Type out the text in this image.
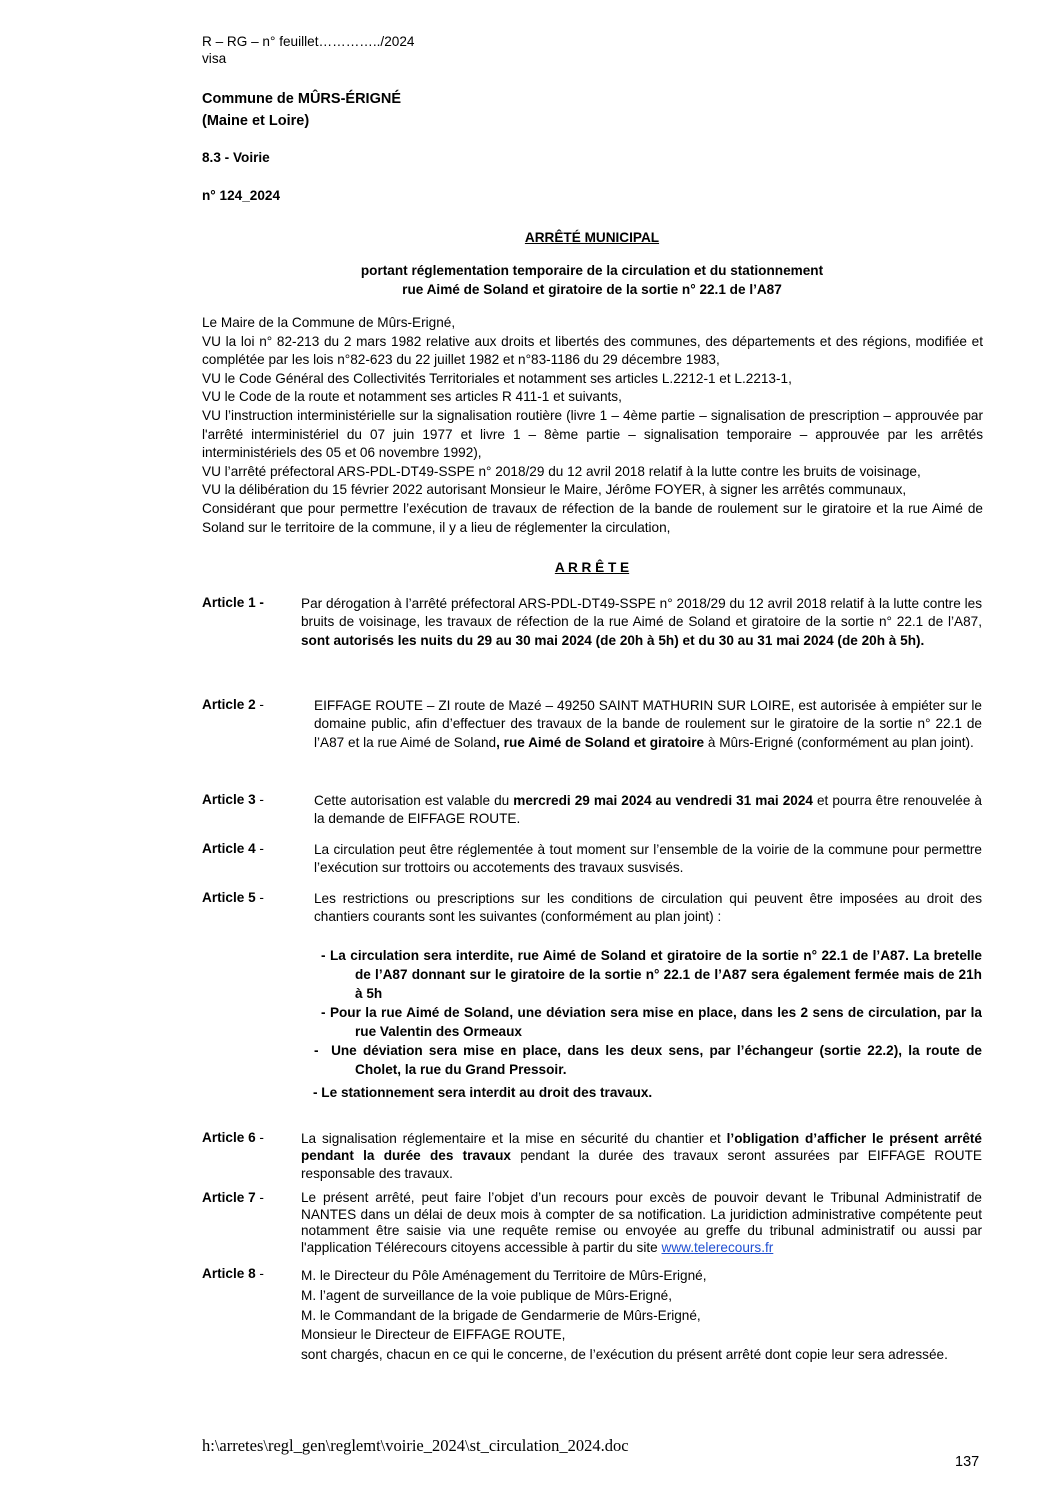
R – RG – n° feuillet…………../2024
visa
Commune de MÛRS-ÉRIGNÉ
(Maine et Loire)
8.3 - Voirie
n° 124_2024
ARRÊTÉ MUNICIPAL
portant réglementation temporaire de la circulation et du stationnement
rue Aimé de Soland et giratoire de la sortie n° 22.1 de l’A87
Le Maire de la Commune de Mûrs-Erigné,
VU la loi n° 82-213 du 2 mars 1982 relative aux droits et libertés des communes, des départements et des régions, modifiée et complétée par les lois n°82-623 du 22 juillet 1982 et n°83-1186 du 29 décembre 1983,
VU le Code Général des Collectivités Territoriales et notamment ses articles L.2212-1 et L.2213-1,
VU le Code de la route et notamment ses articles R 411-1 et suivants,
VU l’instruction interministérielle sur la signalisation routière (livre 1 – 4ème partie – signalisation de prescription – approuvée par l'arrêté interministériel du 07 juin 1977 et livre 1 – 8ème partie – signalisation temporaire – approuvée par les arrêtés interministériels des 05 et 06 novembre 1992),
VU l’arrêté préfectoral ARS-PDL-DT49-SSPE n° 2018/29 du 12 avril 2018 relatif à la lutte contre les bruits de voisinage,
VU la délibération du 15 février 2022 autorisant Monsieur le Maire, Jérôme FOYER, à signer les arrêtés communaux,
Considérant que pour permettre l’exécution de travaux de réfection de la bande de roulement sur le giratoire et la rue Aimé de Soland sur le territoire de la commune, il y a lieu de réglementer la circulation,
A R R Ê T E
Article 1 -	Par dérogation à l’arrêté préfectoral ARS-PDL-DT49-SSPE n° 2018/29 du 12 avril 2018 relatif à la lutte contre les bruits de voisinage, les travaux de réfection de la rue Aimé de Soland et giratoire de la sortie n° 22.1 de l’A87, sont autorisés les nuits du 29 au 30 mai 2024 (de 20h à 5h) et du 30 au 31 mai 2024 (de 20h à 5h).
Article 2 -	EIFFAGE ROUTE – ZI route de Mazé – 49250 SAINT MATHURIN SUR LOIRE, est autorisée à empiéter sur le domaine public, afin d’effectuer des travaux de la bande de roulement sur le giratoire de la sortie n° 22.1 de l’A87 et la rue Aimé de Soland, rue Aimé de Soland et giratoire à Mûrs-Erigné (conformément au plan joint).
Article 3 -	Cette autorisation est valable du mercredi 29 mai 2024 au vendredi 31 mai 2024 et pourra être renouvelée à la demande de EIFFAGE ROUTE.
Article 4 -	La circulation peut être réglementée à tout moment sur l’ensemble de la voirie de la commune pour permettre l’exécution sur trottoirs ou accotements des travaux susvisés.
Article 5 -	Les restrictions ou prescriptions sur les conditions de circulation qui peuvent être imposées au droit des chantiers courants sont les suivantes (conformément au plan joint) :
- La circulation sera interdite, rue Aimé de Soland et giratoire de la sortie n° 22.1 de l’A87. La bretelle de l’A87 donnant sur le giratoire de la sortie n° 22.1 de l’A87 sera également fermée mais de 21h à 5h
- Pour la rue Aimé de Soland, une déviation sera mise en place, dans les 2 sens de circulation, par la rue Valentin des Ormeaux
-  Une déviation sera mise en place, dans les deux sens, par l’échangeur (sortie 22.2), la route de Cholet, la rue du Grand Pressoir.
- Le stationnement sera interdit au droit des travaux.
Article 6 -	La signalisation réglementaire et la mise en sécurité du chantier et l’obligation d’afficher le présent arrêté pendant la durée des travaux pendant la durée des travaux seront assurées par EIFFAGE ROUTE responsable des travaux.
Article 7 -	Le présent arrêté, peut faire l’objet d’un recours pour excès de pouvoir devant le Tribunal Administratif de NANTES dans un délai de deux mois à compter de sa notification. La juridiction administrative compétente peut notamment être saisie via une requête remise ou envoyée au greffe du tribunal administratif ou aussi par l'application Télérecours citoyens accessible à partir du site www.telerecours.fr
Article 8 -	M. le Directeur du Pôle Aménagement du Territoire de Mûrs-Erigné,
M. l’agent de surveillance de la voie publique de Mûrs-Erigné,
M. le Commandant de la brigade de Gendarmerie de Mûrs-Erigné,
Monsieur le Directeur de EIFFAGE ROUTE,
sont chargés, chacun en ce qui le concerne, de l’exécution du présent arrêté dont copie leur sera adressée.
h:\arretes\regl_gen\reglemt\voirie_2024\st_circulation_2024.doc
137
